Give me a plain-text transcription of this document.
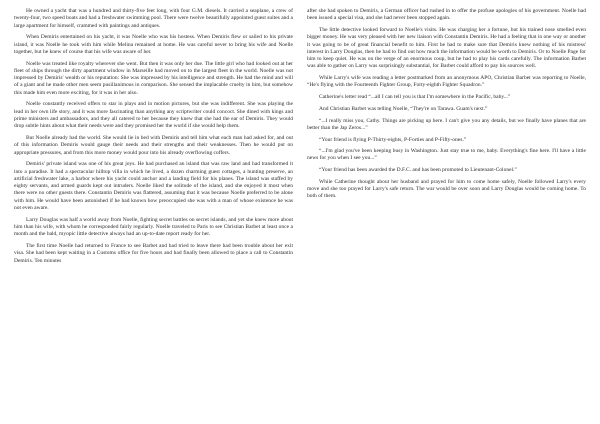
He owned a yacht that was a hundred and thirty-five feet long, with four G.M. diesels. It carried a seaplane, a crew of twenty-four, two speed boats and had a freshwater swimming pool. There were twelve beautifully appointed guest suites and a large apartment for himself, crammed with paintings and antiques.

When Demiris entertained on his yacht, it was Noelle who was his hostess. When Demiris flew or sailed to his private island, it was Noelle he took with him while Melina remained at home. He was careful never to bring his wife and Noelle together, but he knew of course that his wife was aware of her.

Noelle was treated like royalty wherever she went. But then it was only her due. The little girl who had looked out at her fleet of ships through the dirty apartment window in Marseille had moved on to the largest fleet in the world. Noelle was not impressed by Demiris' wealth or his reputation: She was impressed by his intelligence and strength. He had the mind and will of a giant and he made other men seem pusillanimous in comparison. She sensed the implacable cruelty in him, but somehow this made him even more exciting, for it was in her also.

Noelle constantly received offers to star in plays and in motion pictures, but she was indifferent. She was playing the lead in her own life story, and it was more fascinating than anything any scriptwriter could concoct. She dined with kings and prime ministers and ambassadors, and they all catered to her because they knew that she had the ear of Demiris. They would drop subtle hints about what their needs were and they promised her the world if she would help them.

But Noelle already had the world. She would lie in bed with Demiris and tell him what each man had asked for, and out of this information Demiris would gauge their needs and their strengths and their weaknesses. Then he would put on appropriate pressures, and from this more money would pour into his already overflowing coffers.

Demiris' private island was one of his great joys. He had purchased an island that was raw land and had transformed it into a paradise. It had a spectacular hilltop villa in which he lived, a dozen charming guest cottages, a hunting preserve, an artificial freshwater lake, a harbor where his yacht could anchor and a landing field for his planes. The island was staffed by eighty servants, and armed guards kept out intruders. Noelle liked the solitude of the island, and she enjoyed it most when there were no other guests there. Constantin Demiris was flattered, assuming that it was because Noelle preferred to be alone with him. He would have been astonished if he had known how preoccupied she was with a man of whose existence he was not even aware.

Larry Douglas was half a world away from Noelle, fighting secret battles on secret islands, and yet she knew more about him than his wife, with whom he corresponded fairly regularly. Noelle traveled to Paris to see Christian Barbet at least once a month and the bald, myopic little detective always had an up-to-date report ready for her.

The first time Noelle had returned to France to see Barbet and had tried to leave there had been trouble about her exit visa. She had been kept waiting in a Customs office for five hours and had finally been allowed to place a call to Constantin Demiris. Ten minutes

after she had spoken to Demiris, a German officer had rushed in to offer the profuse apologies of his government. Noelle had been issued a special visa, and she had never been stopped again.

The little detective looked forward to Noelle's visits. He was charging her a fortune, but his trained nose smelled even bigger money. He was very pleased with her new liaison with Constantin Demiris. He had a feeling that in one way or another it was going to be of great financial benefit to him. First he had to make sure that Demiris knew nothing of his mistress' interest in Larry Douglas, then he had to find out how much the information would be worth to Demiris. Or to Noelle Page for him to keep quiet. He was on the verge of an enormous coup, but he had to play his cards carefully. The information Barbet was able to gather on Larry was surprisingly substantial, for Barbet could afford to pay his sources well.

While Larry's wife was reading a letter postmarked from an anonymous APO, Christian Barbet was reporting to Noelle, “He's flying with the Fourteenth Fighter Group, Forty-eighth Fighter Squadron.”

Catherine's letter read “...all I can tell you is that I'm somewhere in the Pacific, baby...”

And Christian Barbet was telling Noelle, “They're on Tarawa. Guam's next.”

“...I really miss you, Cathy. Things are picking up here. I can't give you any details, but we finally have planes that are better than the Jap Zeros...”

“Your friend is flying P-Thirty-eights, P-Forties and P-Fifty-ones.”

“...I'm glad you've been keeping busy in Washington. Just stay true to me, baby. Everything's fine here. I'll have a little news for you when I see you...”

“Your friend has been awarded the D.F.C. and has been promoted to Lieutenant-Colonel.”

While Catherine thought about her husband and prayed for him to come home safely, Noelle followed Larry's every move and she too prayed for Larry's safe return. The war would be over soon and Larry Douglas would be coming home. To both of them.
